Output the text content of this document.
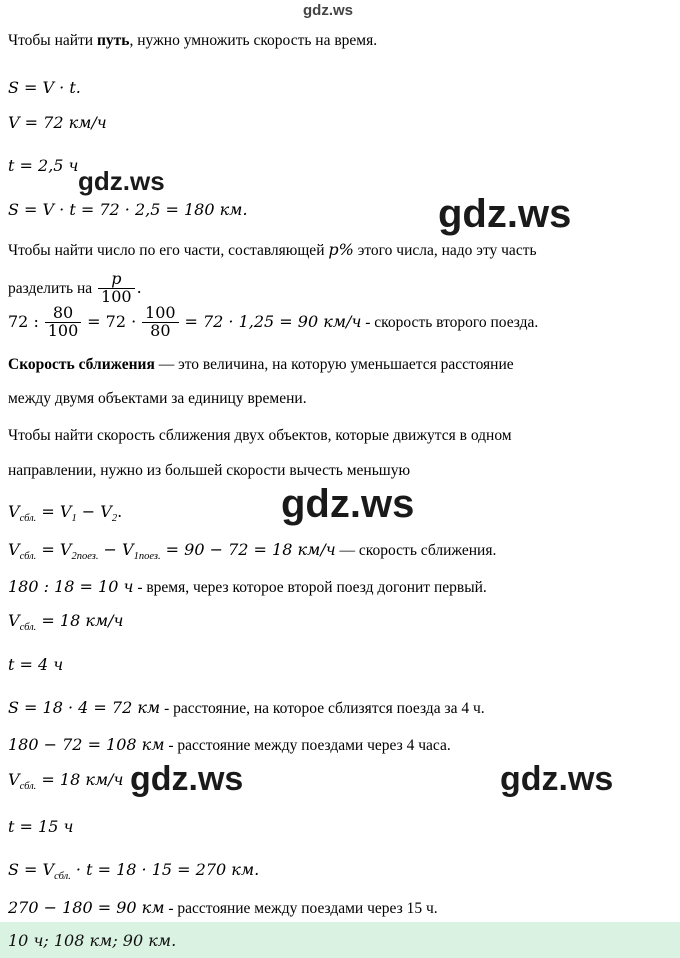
gdz.ws
Чтобы найти путь, нужно умножить скорость на время.
S = V · t.
V = 72 км/ч
t = 2,5 ч
gdz.ws
gdz.ws
S = V · t = 72 · 2,5 = 180 км.
Чтобы найти число по его части, составляющей p% этого числа, надо эту часть
разделить на $\frac{p}{100}$ .
72 : $\frac{80}{100} = 72 \cdot \frac{100}{80} = 72 \cdot 1,25 = 90$ км/ч - скорость второго поезда.
Скорость сближения — это величина, на которую уменьшается расстояние
между двумя объектами за единицу времени.
Чтобы найти скорость сближения двух объектов, которые движутся в одном
направлении, нужно из большей скорости вычесть меньшую
gdz.ws
$V_{сбл.} = V_1 - V_2$.
$V_{сбл.} = V_{2поез.} - V_{1поез.} = 90 - 72 = 18$ км/ч — скорость сближения.
180 : 18 = 10 ч - время, через которое второй поезд догонит первый.
$V_{сбл.} = 18$ км/ч
t = 4 ч
S = 18 · 4 = 72 км - расстояние, на которое сблизятся поезда за 4 ч.
180 − 72 = 108 км - расстояние между поездами через 4 часа.
$V_{сбл.} = 18$ км/ч gdz.ws	gdz.ws
t = 15 ч
$S = V_{сбл.} \cdot t = 18 \cdot 15 = 270$ км.
270 − 180 = 90 км - расстояние между поездами через 15 ч.
10 ч; 108 км; 90 км.
